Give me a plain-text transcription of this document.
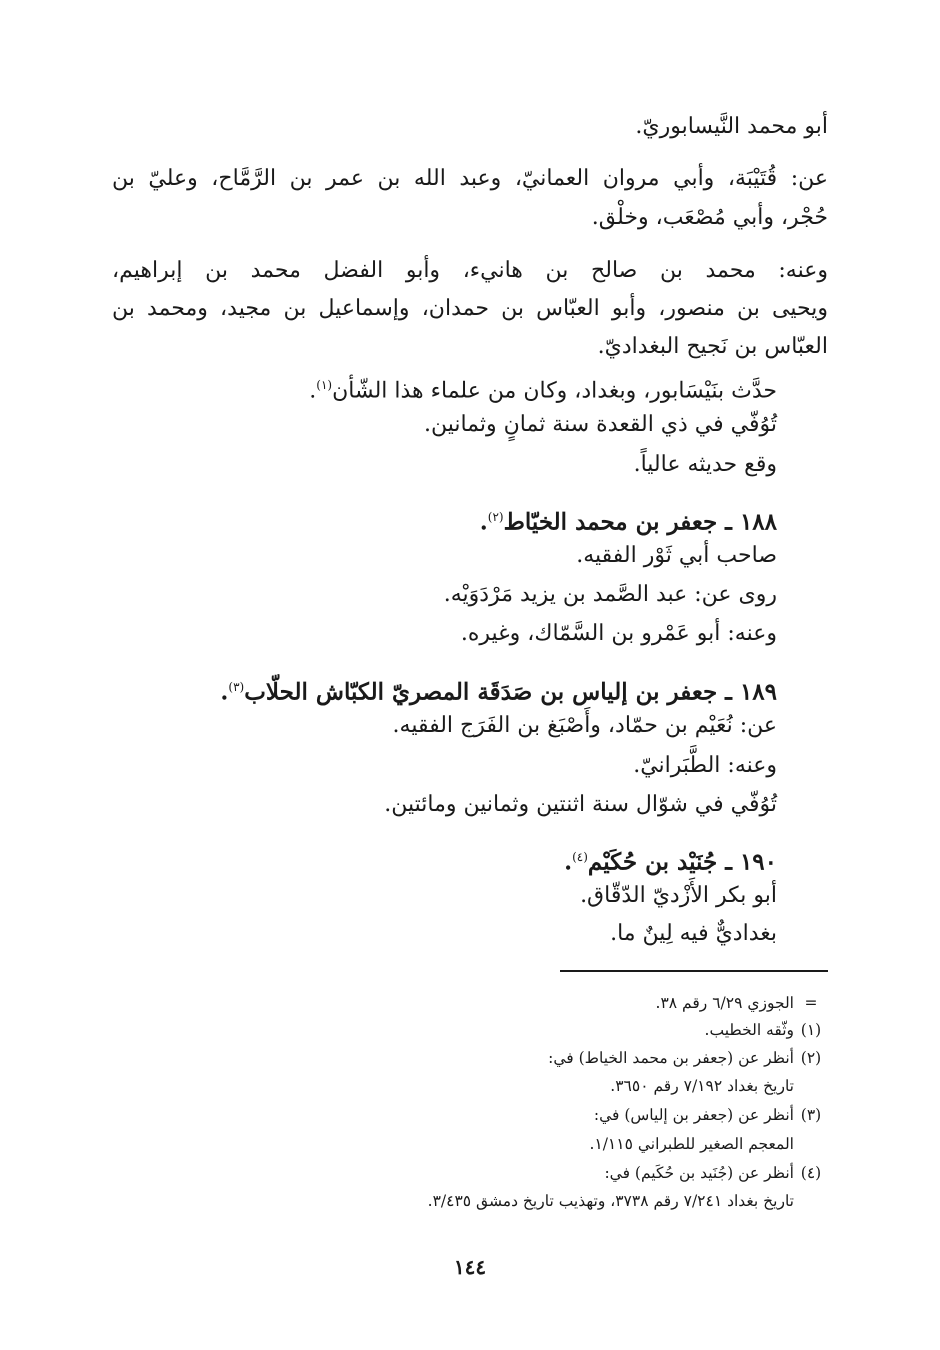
أبو محمد النَّيسابوريّ.

عن: قُتَيْبَة، وأبي مروان العمانيّ، وعبد الله بن عمر بن الرَّمَّاح، وعليّ بن

حُجْر، وأبي مُصْعَب، وخلْق.

وعنه: محمد بن صالح بن هانيء، وأبو الفضل محمد بن إبراهيم،

ويحيى بن منصور، وأبو العبّاس بن حمدان، وإسماعيل بن مجيد، ومحمد بن

العبّاس بن نَجيح البغداديّ.

حدَّث بنَيْسَابور، وبغداد، وكان من علماء هذا الشّأن$^{(١)}$.

تُوُفّي في ذي القعدة سنة ثمانٍ وثمانين.

وقع حديثه عالياً.

١٨٨ ـ جعفر بن محمد الخيّاط$^{(٢)}$.

صاحب أبي ثَوْر الفقيه.

روى عن: عبد الصَّمد بن يزيد مَرْدَوَيْه.

وعنه: أبو عَمْرو بن السَّمّاك، وغيره.

١٨٩ ـ جعفر بن إلياس بن صَدَقَة المصريّ الكبّاش الحلّاب$^{(٣)}$.

عن: نُعَيْم بن حمّاد، وأَصْبَغ بن الفَرَج الفقيه.

وعنه: الطَّبَرانيّ.

تُوُفّي في شوّال سنة اثنتين وثمانين ومائتين.

١٩٠ ـ جُنَيْد بن حُكَيْم$^{(٤)}$.

أبو بكر الأَزْديّ الدّقّاق.

بغداديٌّ فيه لِينٌ ما.

=الجوزي ٦/٢٩ رقم ٣٨.

(١)وثّقه الخطيب.

(٢)أنظر عن (جعفر بن محمد الخياط) في:

تاريخ بغداد ٧/١٩٢ رقم ٣٦٥٠.

(٣)أنظر عن (جعفر بن إلياس) في:

المعجم الصغير للطبراني ١/١١٥.

(٤)أنظر عن (جُنَيد بن حُكَيم) في:

تاريخ بغداد ٧/٢٤١ رقم ٣٧٣٨، وتهذيب تاريخ دمشق ٣/٤٣٥.

١٤٤
